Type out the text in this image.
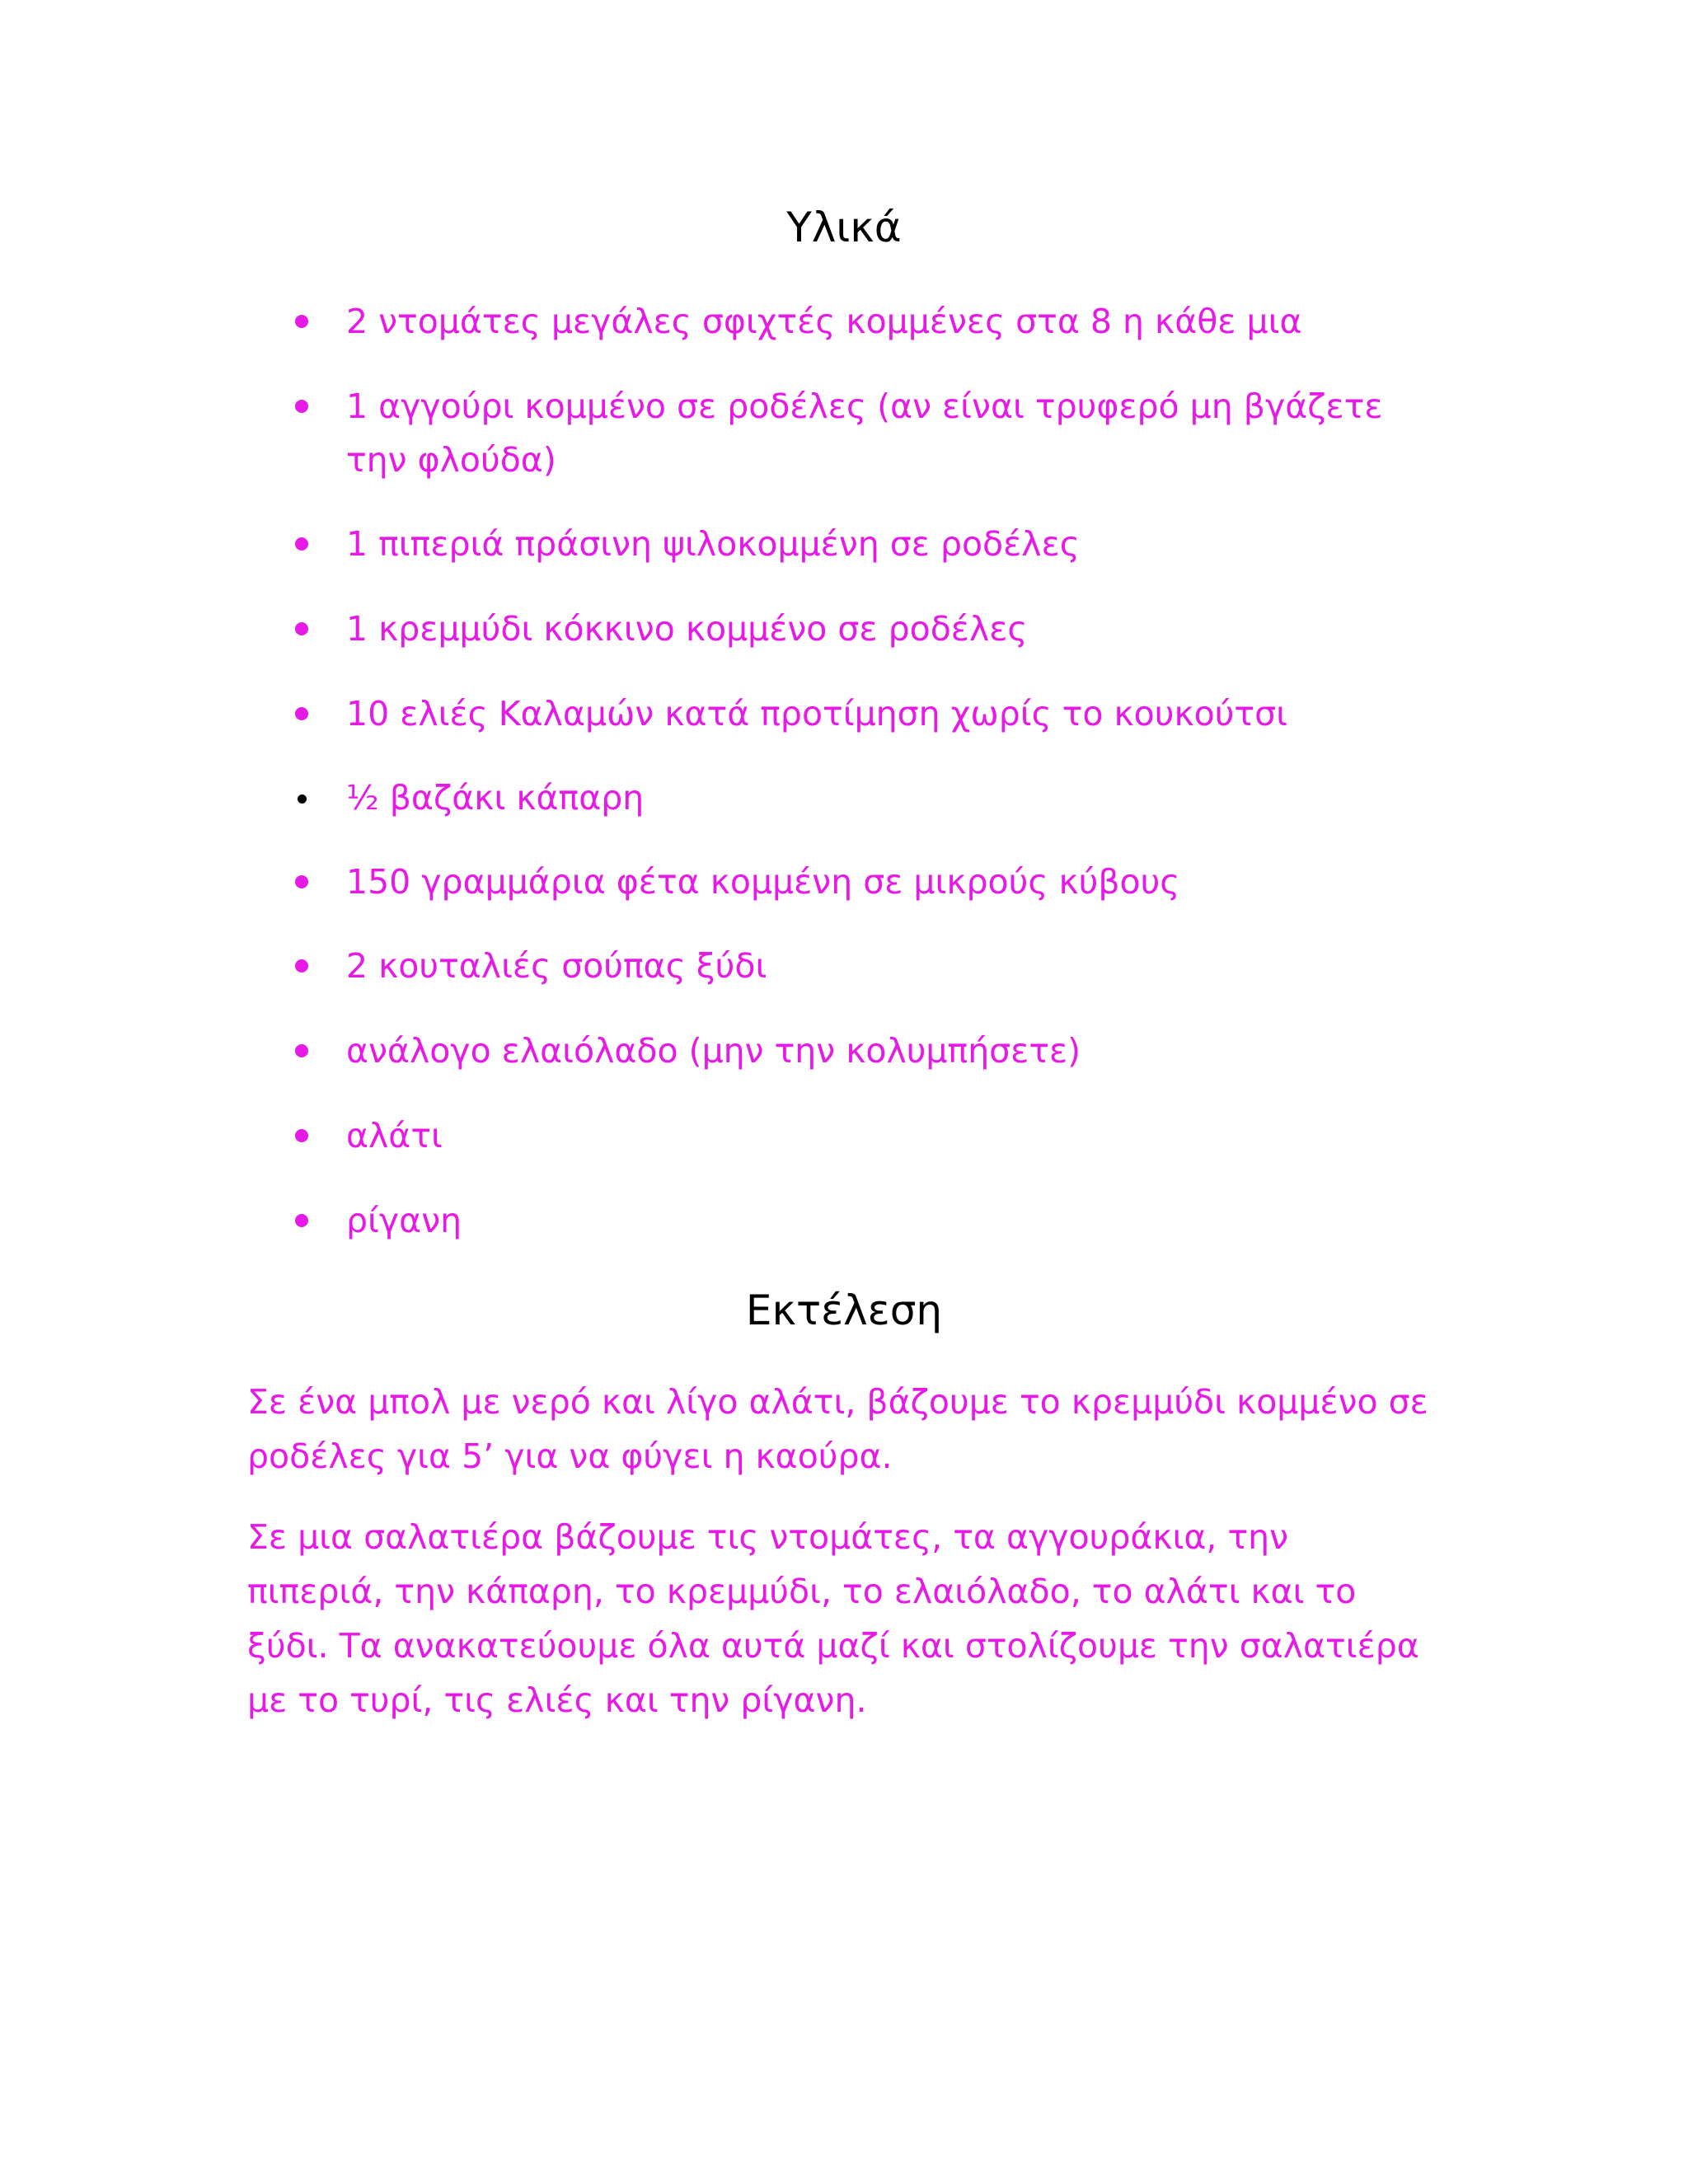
Υλικά
2 ντομάτες μεγάλες σφιχτές κομμένες στα 8 η κάθε μια
1 αγγούρι κομμένο σε ροδέλες (αν είναι τρυφερό μη βγάζετε την φλούδα)
1 πιπεριά πράσινη ψιλοκομμένη σε ροδέλες
1 κρεμμύδι κόκκινο κομμένο σε ροδέλες
10 ελιές Καλαμών κατά προτίμηση χωρίς το κουκούτσι
½ βαζάκι κάπαρη
150 γραμμάρια φέτα κομμένη σε μικρούς κύβους
2 κουταλιές σούπας ξύδι
ανάλογο ελαιόλαδο (μην την κολυμπήσετε)
αλάτι
ρίγανη
Εκτέλεση

Σε ένα μπολ με νερό και λίγο αλάτι, βάζουμε το κρεμμύδι κομμένο σε ροδέλες για 5’ για να φύγει η καούρα.

Σε μια σαλατιέρα βάζουμε τις ντομάτες, τα αγγουράκια, την πιπεριά, την κάπαρη, το κρεμμύδι, το ελαιόλαδο, το αλάτι και το ξύδι. Τα ανακατεύουμε όλα αυτά μαζί και στολίζουμε την σαλατιέρα με το τυρί, τις ελιές και την ρίγανη.
